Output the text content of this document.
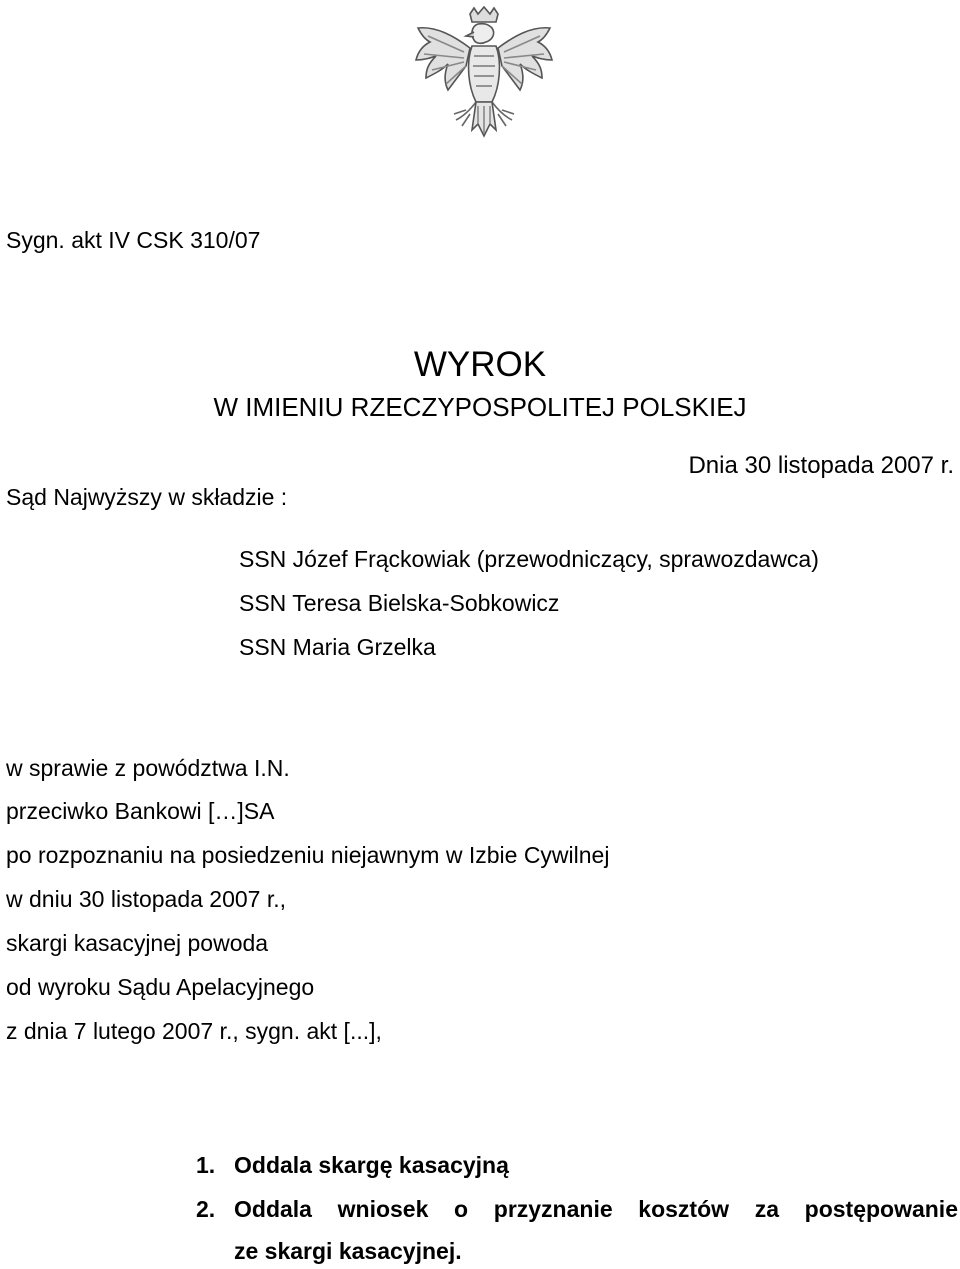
Sygn. akt IV CSK 310/07
WYROK
W IMIENIU RZECZYPOSPOLITEJ POLSKIEJ
Dnia 30 listopada 2007 r.
Sąd Najwyższy w składzie :
SSN Józef Frąckowiak (przewodniczący, sprawozdawca)
SSN Teresa Bielska-Sobkowicz
SSN Maria Grzelka
w sprawie z powództwa I.N.
przeciwko Bankowi […]SA
po rozpoznaniu na posiedzeniu niejawnym w Izbie Cywilnej
w dniu 30 listopada 2007 r.,
skargi kasacyjnej powoda
od wyroku Sądu Apelacyjnego
z dnia 7 lutego 2007 r., sygn. akt [...],
1. Oddala skargę kasacyjną
2. Oddala wniosek o przyznanie kosztów za postępowanie
ze skargi kasacyjnej.
